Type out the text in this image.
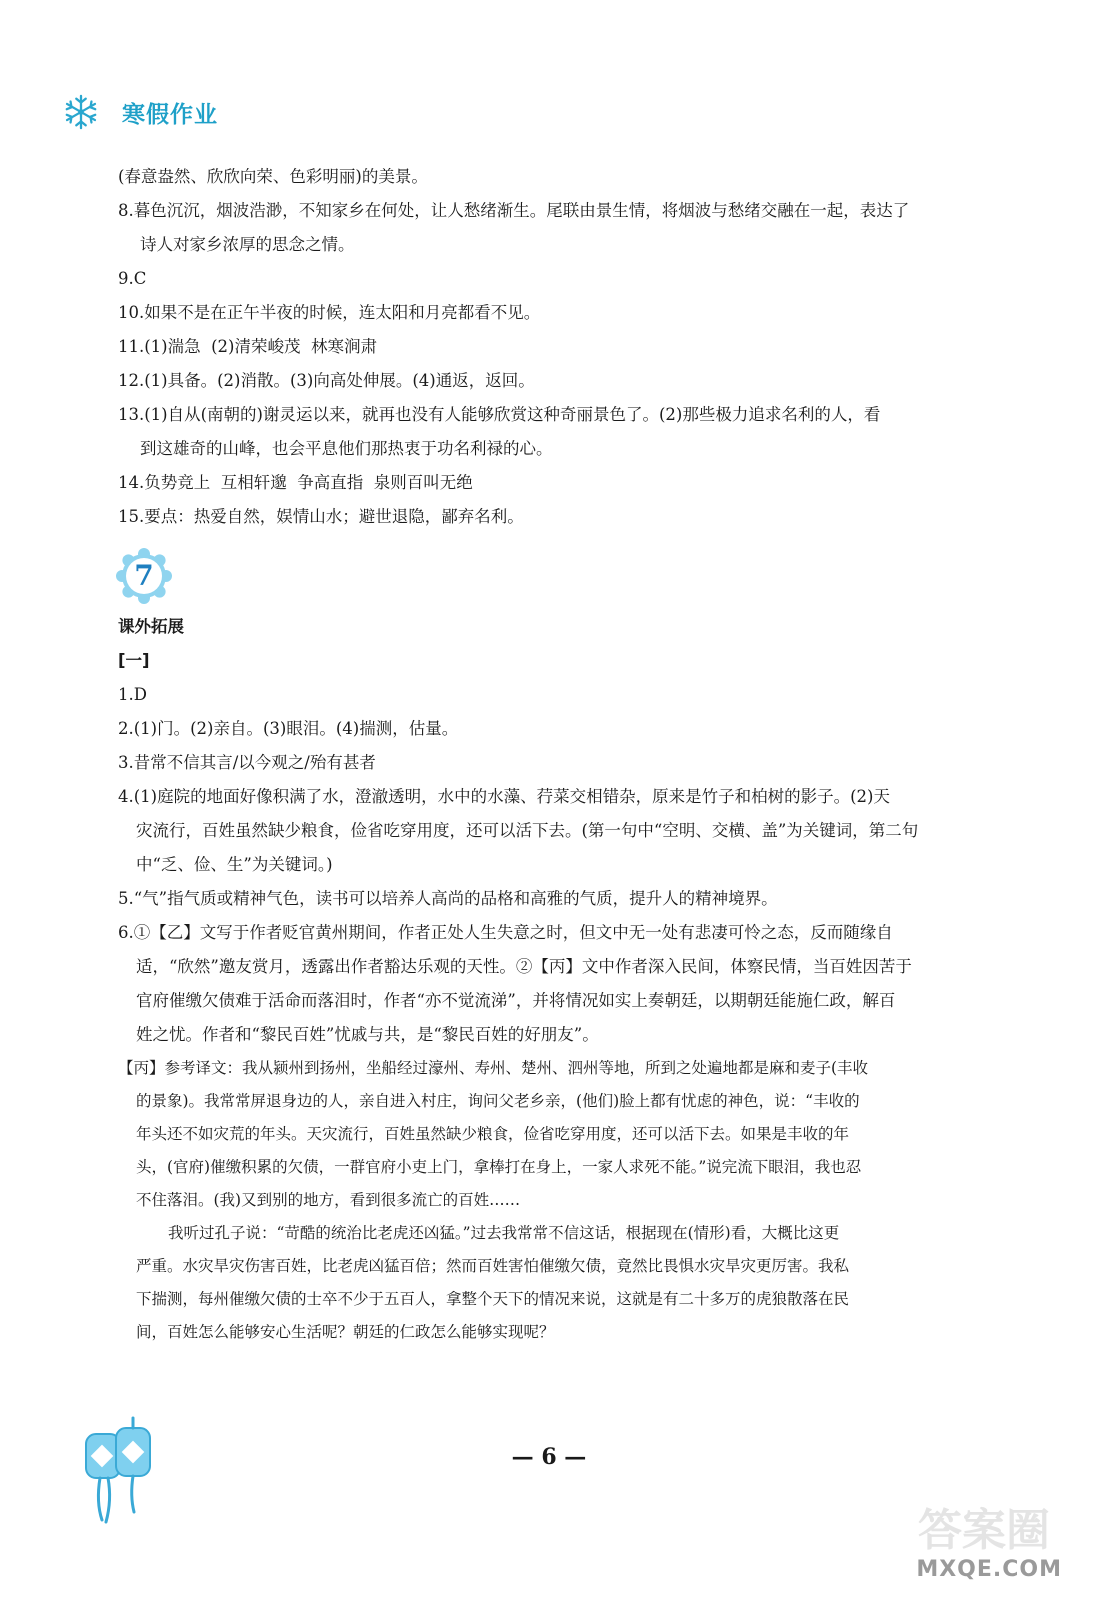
寒假作业

(春意盎然、欣欣向荣、色彩明丽)的美景。

8.暮色沉沉，烟波浩渺，不知家乡在何处，让人愁绪渐生。尾联由景生情，将烟波与愁绪交融在一起，表达了

诗人对家乡浓厚的思念之情。

9.C

10.如果不是在正午半夜的时候，连太阳和月亮都看不见。

11.(1)湍急  (2)清荣峻茂  林寒涧肃

12.(1)具备。(2)消散。(3)向高处伸展。(4)通返，返回。

13.(1)自从(南朝的)谢灵运以来，就再也没有人能够欣赏这种奇丽景色了。(2)那些极力追求名利的人，看

到这雄奇的山峰，也会平息他们那热衷于功名利禄的心。

14.负势竞上  互相轩邈  争高直指  泉则百叫无绝

15.要点：热爱自然，娱情山水；避世退隐，鄙弃名利。

7

课外拓展

[一]

1.D

2.(1)门。(2)亲自。(3)眼泪。(4)揣测，估量。

3.昔常不信其言/以今观之/殆有甚者

4.(1)庭院的地面好像积满了水，澄澈透明，水中的水藻、荇菜交相错杂，原来是竹子和柏树的影子。(2)天

灾流行，百姓虽然缺少粮食，俭省吃穿用度，还可以活下去。(第一句中“空明、交横、盖”为关键词，第二句

中“乏、俭、生”为关键词。)

5.“气”指气质或精神气色，读书可以培养人高尚的品格和高雅的气质，提升人的精神境界。

6.①【乙】文写于作者贬官黄州期间，作者正处人生失意之时，但文中无一处有悲凄可怜之态，反而随缘自

适，“欣然”邀友赏月，透露出作者豁达乐观的天性。②【丙】文中作者深入民间，体察民情，当百姓因苦于

官府催缴欠债难于活命而落泪时，作者“亦不觉流涕”，并将情况如实上奏朝廷，以期朝廷能施仁政，解百

姓之忧。作者和“黎民百姓”忧戚与共，是“黎民百姓的好朋友”。

【丙】参考译文：我从颍州到扬州，坐船经过濠州、寿州、楚州、泗州等地，所到之处遍地都是麻和麦子(丰收

的景象)。我常常屏退身边的人，亲自进入村庄，询问父老乡亲，(他们)脸上都有忧虑的神色，说：“丰收的

年头还不如灾荒的年头。天灾流行，百姓虽然缺少粮食，俭省吃穿用度，还可以活下去。如果是丰收的年

头，(官府)催缴积累的欠债，一群官府小吏上门，拿棒打在身上，一家人求死不能。”说完流下眼泪，我也忍

不住落泪。(我)又到别的地方，看到很多流亡的百姓……

我听过孔子说：“苛酷的统治比老虎还凶猛。”过去我常常不信这话，根据现在(情形)看，大概比这更

严重。水灾旱灾伤害百姓，比老虎凶猛百倍；然而百姓害怕催缴欠债，竟然比畏惧水灾旱灾更厉害。我私

下揣测，每州催缴欠债的士卒不少于五百人，拿整个天下的情况来说，这就是有二十多万的虎狼散落在民

间，百姓怎么能够安心生活呢？朝廷的仁政怎么能够实现呢？

— 6 —
答案圈
MXQE.COM
